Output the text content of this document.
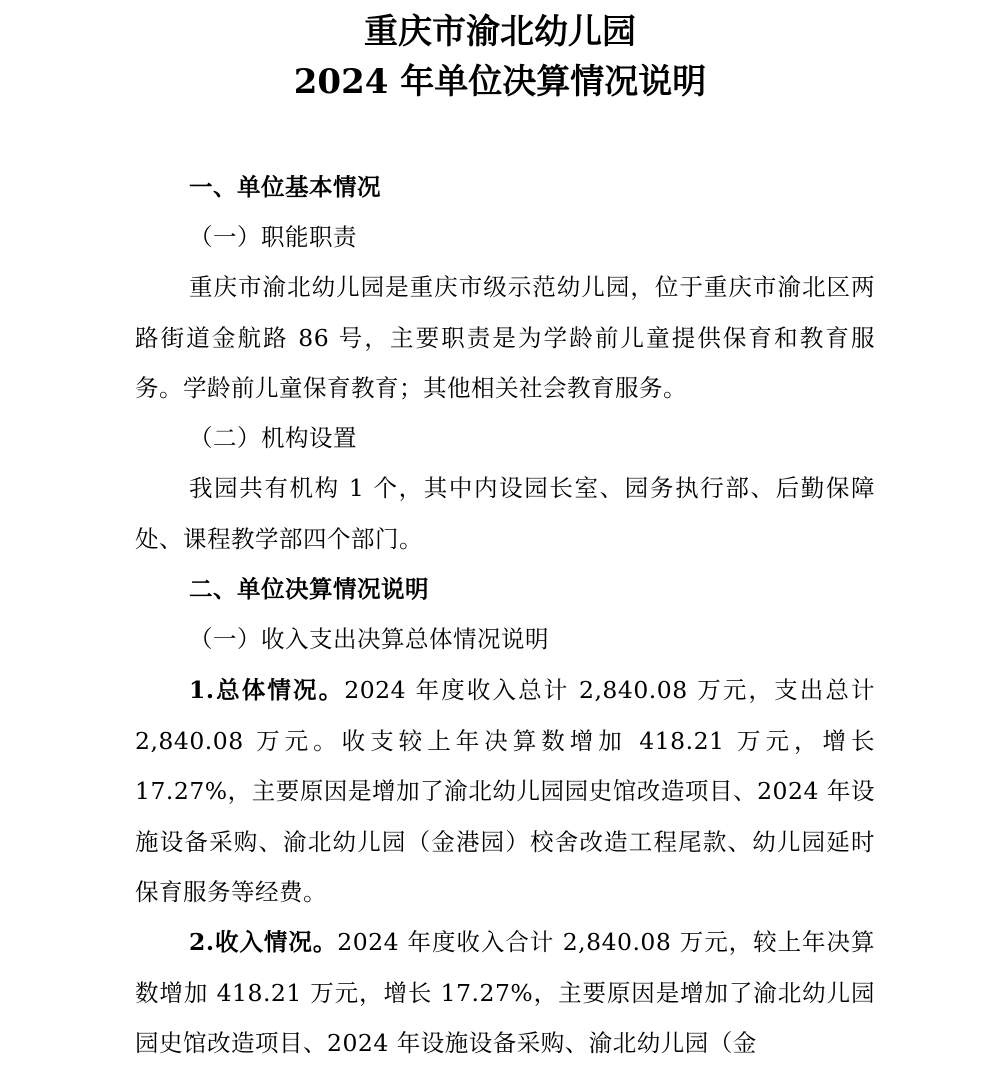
重庆市渝北幼儿园
2024 年单位决算情况说明

一、单位基本情况

（一）职能职责

重庆市渝北幼儿园是重庆市级示范幼儿园，位于重庆市渝北区两路街道金航路 86 号，主要职责是为学龄前儿童提供保育和教育服务。学龄前儿童保育教育；其他相关社会教育服务。

（二）机构设置

我园共有机构 1 个，其中内设园长室、园务执行部、后勤保障处、课程教学部四个部门。

二、单位决算情况说明

（一）收入支出决算总体情况说明

1.总体情况。2024 年度收入总计 2,840.08 万元，支出总计 2,840.08 万元。收支较上年决算数增加 418.21 万元，增长 17.27%，主要原因是增加了渝北幼儿园园史馆改造项目、2024 年设施设备采购、渝北幼儿园（金港园）校舍改造工程尾款、幼儿园延时保育服务等经费。

2.收入情况。2024 年度收入合计 2,840.08 万元，较上年决算数增加 418.21 万元，增长 17.27%，主要原因是增加了渝北幼儿园园史馆改造项目、2024 年设施设备采购、渝北幼儿园（金
